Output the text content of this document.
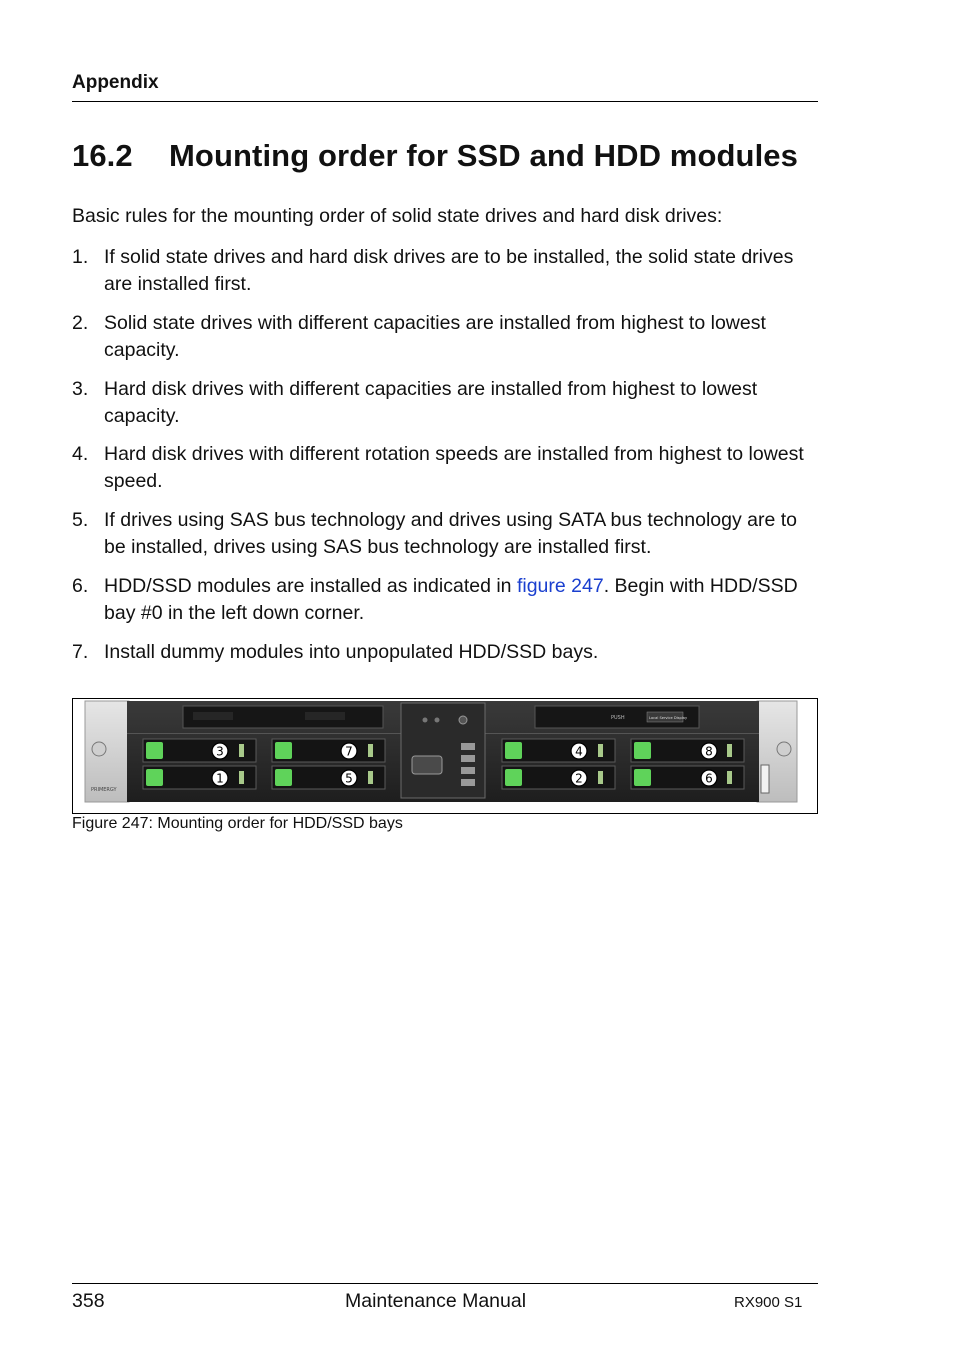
Appendix
16.2 Mounting order for SSD and HDD modules
Basic rules for the mounting order of solid state drives and hard disk drives:
1. If solid state drives and hard disk drives are to be installed, the solid state drives are installed first.
2. Solid state drives with different capacities are installed from highest to lowest capacity.
3. Hard disk drives with different capacities are installed from highest to lowest capacity.
4. Hard disk drives with different rotation speeds are installed from highest to lowest speed.
5. If drives using SAS bus technology and drives using SATA bus technology are to be installed, drives using SAS bus technology are installed first.
6. HDD/SSD modules are installed as indicated in figure 247. Begin with HDD/SSD bay #0 in the left down corner.
7. Install dummy modules into unpopulated HDD/SSD bays.
PRIMERGY
PUSH	Local Service Display
3	7	4	8
1	5	2	6
Figure 247: Mounting order for HDD/SSD bays
358	Maintenance Manual	RX900 S1
